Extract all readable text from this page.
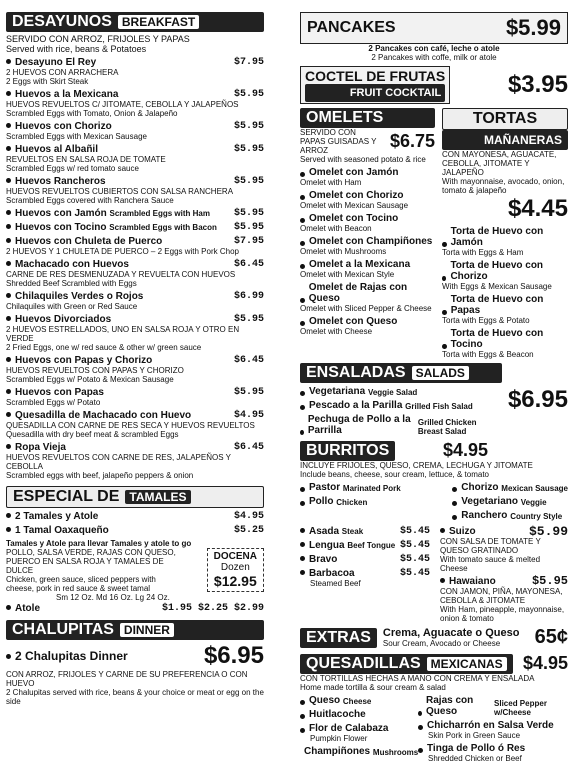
DESAYUNOS BREAKFAST
SERVIDO CON ARROZ, FRIJOLES Y PAPAS
Served with rice, beans & Potatoes
Desayuno El Rey	$7.95
2 HUEVOS CON ARRACHERA
2 Eggs with Skirt Steak
Huevos a la Mexicana	$5.95
HUEVOS REVUELTOS C/ JITOMATE, CEBOLLA Y JALAPEÑOS
Scrambled Eggs with Tomato, Onion & Jalapeño
Huevos con Chorizo	$5.95
Scrambled Eggs with Mexican Sausage
Huevos al Albañil	$5.95
REVUELTOS EN SALSA ROJA DE TOMATE
Scrambled Eggs w/ red tomato sauce
Huevos Rancheros	$5.95
HUEVOS REVUELTOS CUBIERTOS CON SALSA RANCHERA
Scrambled Eggs covered with Ranchera Sauce
Huevos con Jamón Scrambled Eggs with Ham $5.95
Huevos con Tocino Scrambled Eggs with Bacon $5.95
Huevos con Chuleta de Puerco	$7.95
2 HUEVOS Y 1 CHULETA DE PUERCO – 2 Eggs with Pork Chop
Machacado con Huevos	$6.45
CARNE DE RES DESMENUZADA Y REVUELTA CON HUEVOS
Shredded Beef Scrambled with Eggs
Chilaquiles Verdes o Rojos	$6.99
Chilaquiles with Green or Red Sauce
Huevos Divorciados	$5.95
2 HUEVOS ESTRELLADOS, UNO EN SALSA ROJA Y OTRO EN VERDE
2 Fried Eggs, one w/ red sauce & other w/ green sauce
Huevos con Papas y Chorizo	$6.45
HUEVOS REVUELTOS CON PAPAS Y CHORIZO
Scrambled Eggs w/ Potato & Mexican Sausage
Huevos con Papas	$5.95
Scrambled Eggs w/ Potato
Quesadilla de Machacado con Huevo	$4.95
QUESADILLA CON CARNE DE RES SECA Y HUEVOS REVUELTOS
Quesadilla with dry beef meat & scrambled Eggs
Ropa Vieja	$6.45
HUEVOS REVUELTOS CON CARNE DE RES, JALAPEÑOS Y CEBOLLA
Scrambled eggs with beef, jalapeño peppers & onion
ESPECIAL DE TAMALES
2 Tamales y Atole	$4.95
1 Tamal Oaxaqueño	$5.25
Tamales y Atole para llevar Tamales y atole to go
POLLO, SALSA VERDE, RAJAS CON QUESO, PUERCO EN SALSA ROJA Y TAMALES DE DULCE
Chicken, green sauce, sliced peppers with cheese, pork in red sauce & sweet tamal
DOCENA
Dozen
$12.95
Sm 12 Oz. Md 16 Oz. Lg 24 Oz.
Atole	$1.95 $2.25 $2.99
CHALUPITAS DINNER
2 Chalupitas Dinner	$6.95
CON ARROZ, FRIJOLES Y CARNE DE SU PREFERENCIA O CON HUEVO
2 Chalupitas served with rice, beans & your choice or meat or egg on the side
PANCAKES	$5.99
2 Pancakes con café, leche o atole
2 Pancakes with coffe, milk or atole
COCTEL DE FRUTAS
FRUIT COCKTAIL	$3.95
OMELETS
SERVIDO CON PAPAS GUISADAS Y ARROZ	$6.75
Served with seasoned potato & rice
Omelet con Jamón
Omelet with Ham
Omelet con Chorizo
Omelet with Mexican Sausage
Omelet con Tocino
Omelet with Beacon
Omelet con Champiñones
Omelet with Mushrooms
Omelet a la Mexicana
Omelet with Mexican Style
Omelet de Rajas con Queso
Omelet with Sliced Pepper & Cheese
Omelet con Queso
Omelet with Cheese
TORTAS
MAÑANERAS
CON MAYONESA, AGUACATE, CEBOLLA, JITOMATE Y JALAPEÑO
With mayonnaise, avocado, onion, tomato & jalapeño
$4.45
Torta de Huevo con Jamón
Torta with Eggs & Ham
Torta de Huevo con Chorizo
With Eggs & Mexican Sausage
Torta de Huevo con Papas
Torta with Eggs & Potato
Torta de Huevo con Tocino
Torta with Eggs & Beacon
ENSALADAS SALADS
Vegetariana
Veggie Salad
Pescado a la Parilla
Grilled Fish Salad
Pechuga de Pollo a la Parrilla

Grilled Chicken Breast Salad
$6.95
BURRITOS	$4.95
INCLUYE FRIJOLES, QUESO, CREMA, LECHUGA Y JITOMATE
Include beans, cheese, sour cream, lettuce, & tomato
Pastor
Marinated Pork
Pollo
Chicken
Chorizo
Mexican Sausage
Vegetariano
Veggie
Ranchero
Country Style
Asada Steak	$5.45
Lengua Beef Tongue $5.45
Bravo	$5.45
Barbacoa	$5.45
Steamed Beef
Suizo	$5.99
CON SALSA DE TOMATE Y QUESO GRATINADO
With tomato sauce & melted Cheese
Hawaiano	$5.95
CON JAMON, PIÑA, MAYONESA, CEBOLLA & JITOMATE
With Ham, pineapple, mayonnaise, onion & tomato
EXTRAS	Crema, Aguacate o Queso
Sour Cream, Avocado or Cheese	65¢
QUESADILLAS MEXICANAS $4.95
CON TORTILLAS HECHAS A MANO CON CREMA Y ENSALADA
Home made tortilla & sour cream & salad
Queso
Cheese
Huitlacoche
Flor de Calabaza
Pumpkin Flower
Champiñones
Mushrooms
Rajas con Queso

Sliced Pepper w/Cheese
Chicharrón en Salsa Verde
Skin Pork in Green Sauce
Tinga de Pollo ó Res
Shredded Chicken or Beef
